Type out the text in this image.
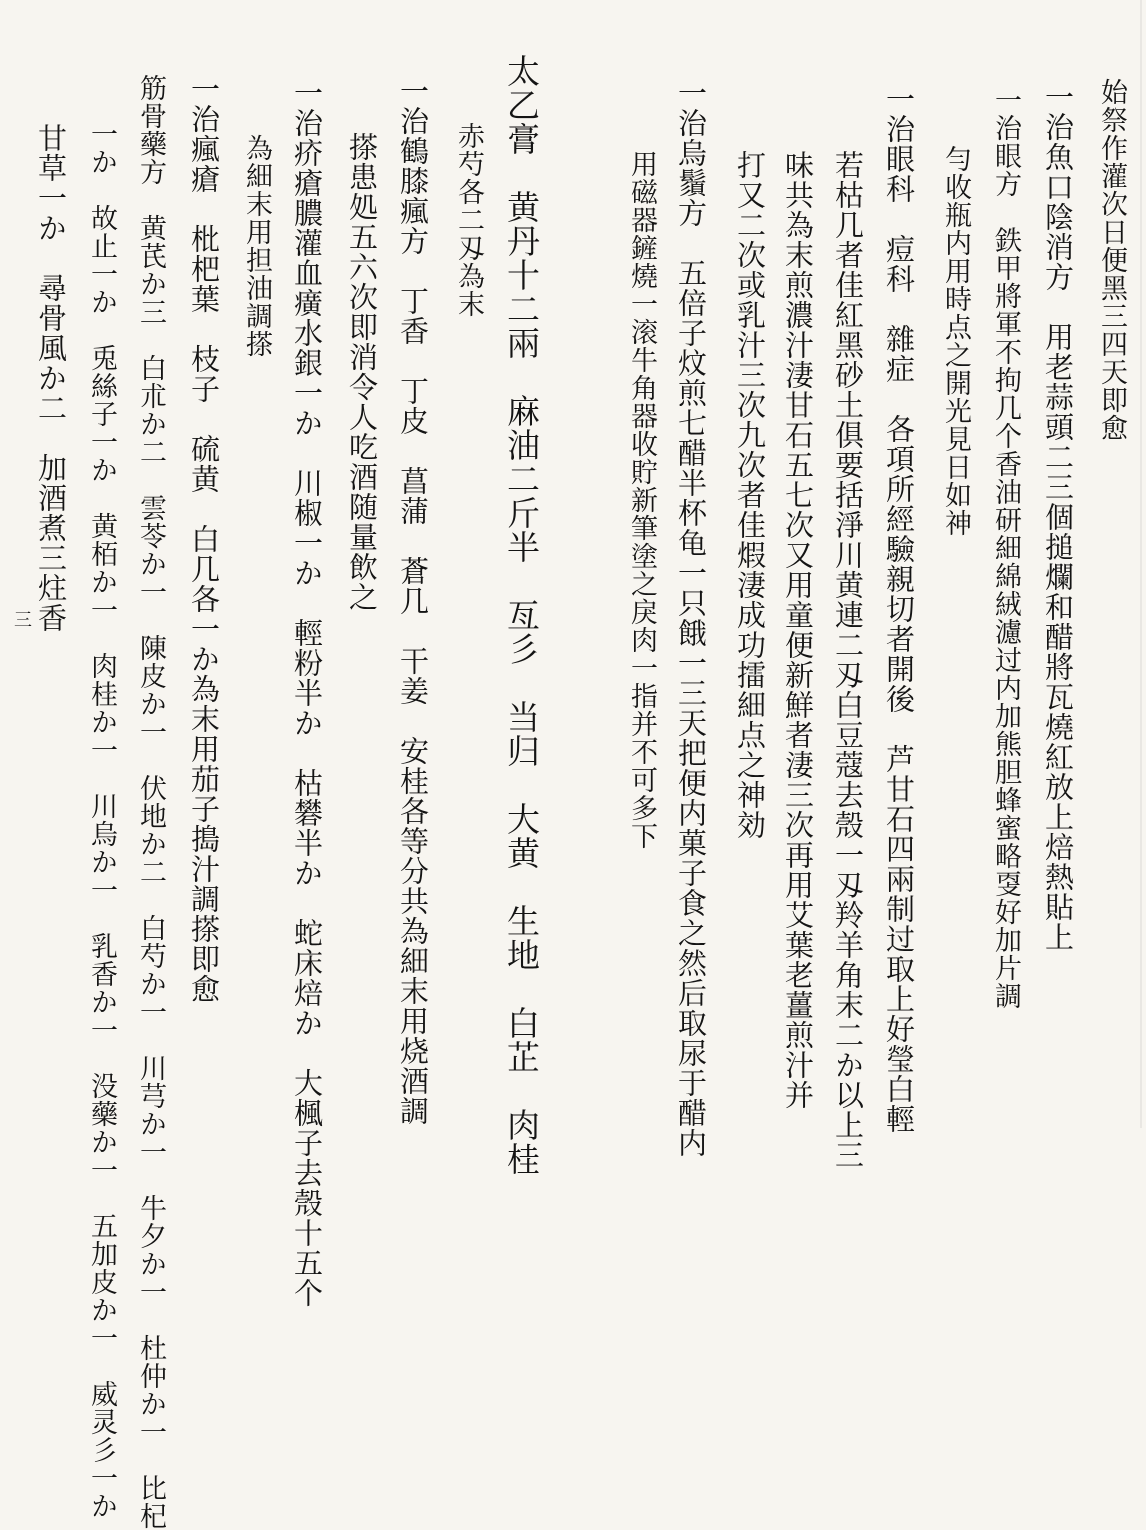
始祭作灌次日便黑三四天即愈
一治魚口陰消方　用老蒜頭二三個搥爛和醋將瓦燒紅放上焙熱貼上
一治眼方　鉄甲將軍不拘几个香油研細綿絨濾过内加熊胆蜂蜜略㪅好加片調
勻收瓶内用時点之開光見日如神
一治眼科　痘科　雜症　各項所經驗親切者開後　芦甘石四兩制过取上好瑩白輕
若枯几者佳紅黑砂土俱要括淨川黄連二刄白豆蔻去殼一刄羚羊角末二か以上三
味共為末煎濃汁淒甘石五七次又用童便新鮮者淒三次再用艾葉老薑煎汁并
打又二次或乳汁三次九次者佳煆淒成功擂細点之神効
一治烏鬚方　五倍子炆煎七醋半杯龟一只餓一三天把便内菓子食之然后取尿于醋内
用磁器鏟燒一滚牛角器收貯新筆塗之戾肉一指并不可多下
太乙膏　黄丹十二兩　麻油二斤半　亙彡　当归　大黄　生地　白芷　肉桂
赤芍各二刄為末
一治鶴膝瘋方　丁香　丁皮　菖蒲　蒼几　干姜　安桂各等分共為細末用烧酒調
搽患処五六次即消令人吃酒随量飲之
一治疥瘡膿灌血癀水銀一か　川椒一か　輕粉半か　枯礬半か　蛇床焙か　大楓子去殼十五个
為細末用担油調搽
一治瘋瘡　枇杷葉　枝子　硫黄　白几各一か為末用茄子搗汁調搽即愈
筋骨藥方　黄芪か三　白朮か二　雲苓か一　陳皮か一　伏地か二　白芍か一　川芎か一　牛夕か一　杜仲か一　比杞
一か　故止一か　兎絲子一か　黄栢か一　肉桂か一　川烏か一　乳香か一　没藥か一　五加皮か一　威灵彡一か
甘草一か　尋骨風か二　加酒煮三炷香
三
